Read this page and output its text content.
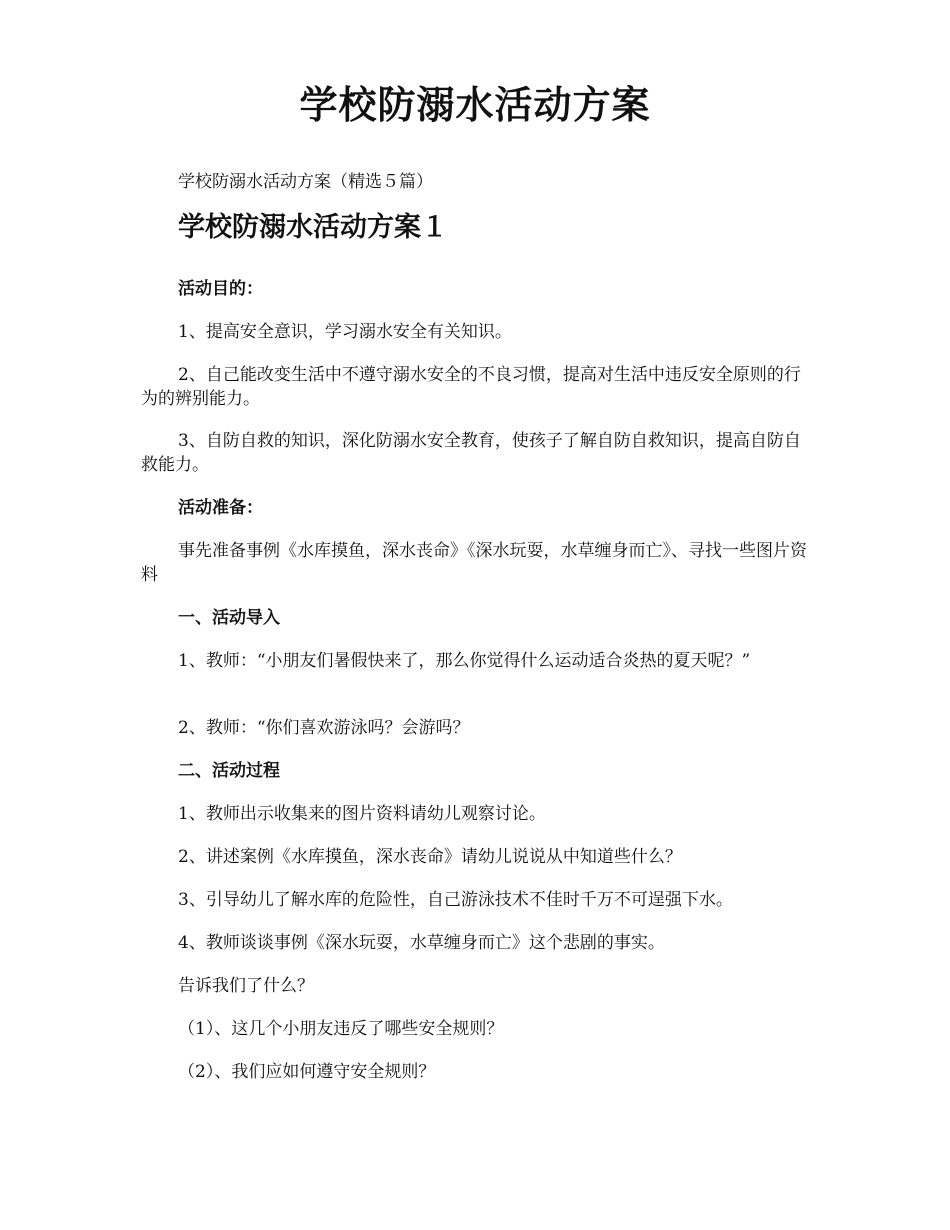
学校防溺水活动方案
学校防溺水活动方案（精选５篇）
学校防溺水活动方案１
活动目的：
1、提高安全意识，学习溺水安全有关知识。
2、自己能改变生活中不遵守溺水安全的不良习惯，提高对生活中违反安全原则的行为的辨别能力。
3、自防自救的知识，深化防溺水安全教育，使孩子了解自防自救知识，提高自防自救能力。
活动准备：
事先准备事例《水库摸鱼，深水丧命》《深水玩耍，水草缠身而亡》、寻找一些图片资料
一、活动导入
1、教师：“小朋友们暑假快来了，那么你觉得什么运动适合炎热的夏天呢？”
2、教师：“你们喜欢游泳吗？会游吗？
二、活动过程
1、教师出示收集来的图片资料请幼儿观察讨论。
2、讲述案例《水库摸鱼，深水丧命》请幼儿说说从中知道些什么？
3、引导幼儿了解水库的危险性，自己游泳技术不佳时千万不可逞强下水。
4、教师谈谈事例《深水玩耍，水草缠身而亡》这个悲剧的事实。
告诉我们了什么？
（1）、这几个小朋友违反了哪些安全规则？
（2）、我们应如何遵守安全规则？
